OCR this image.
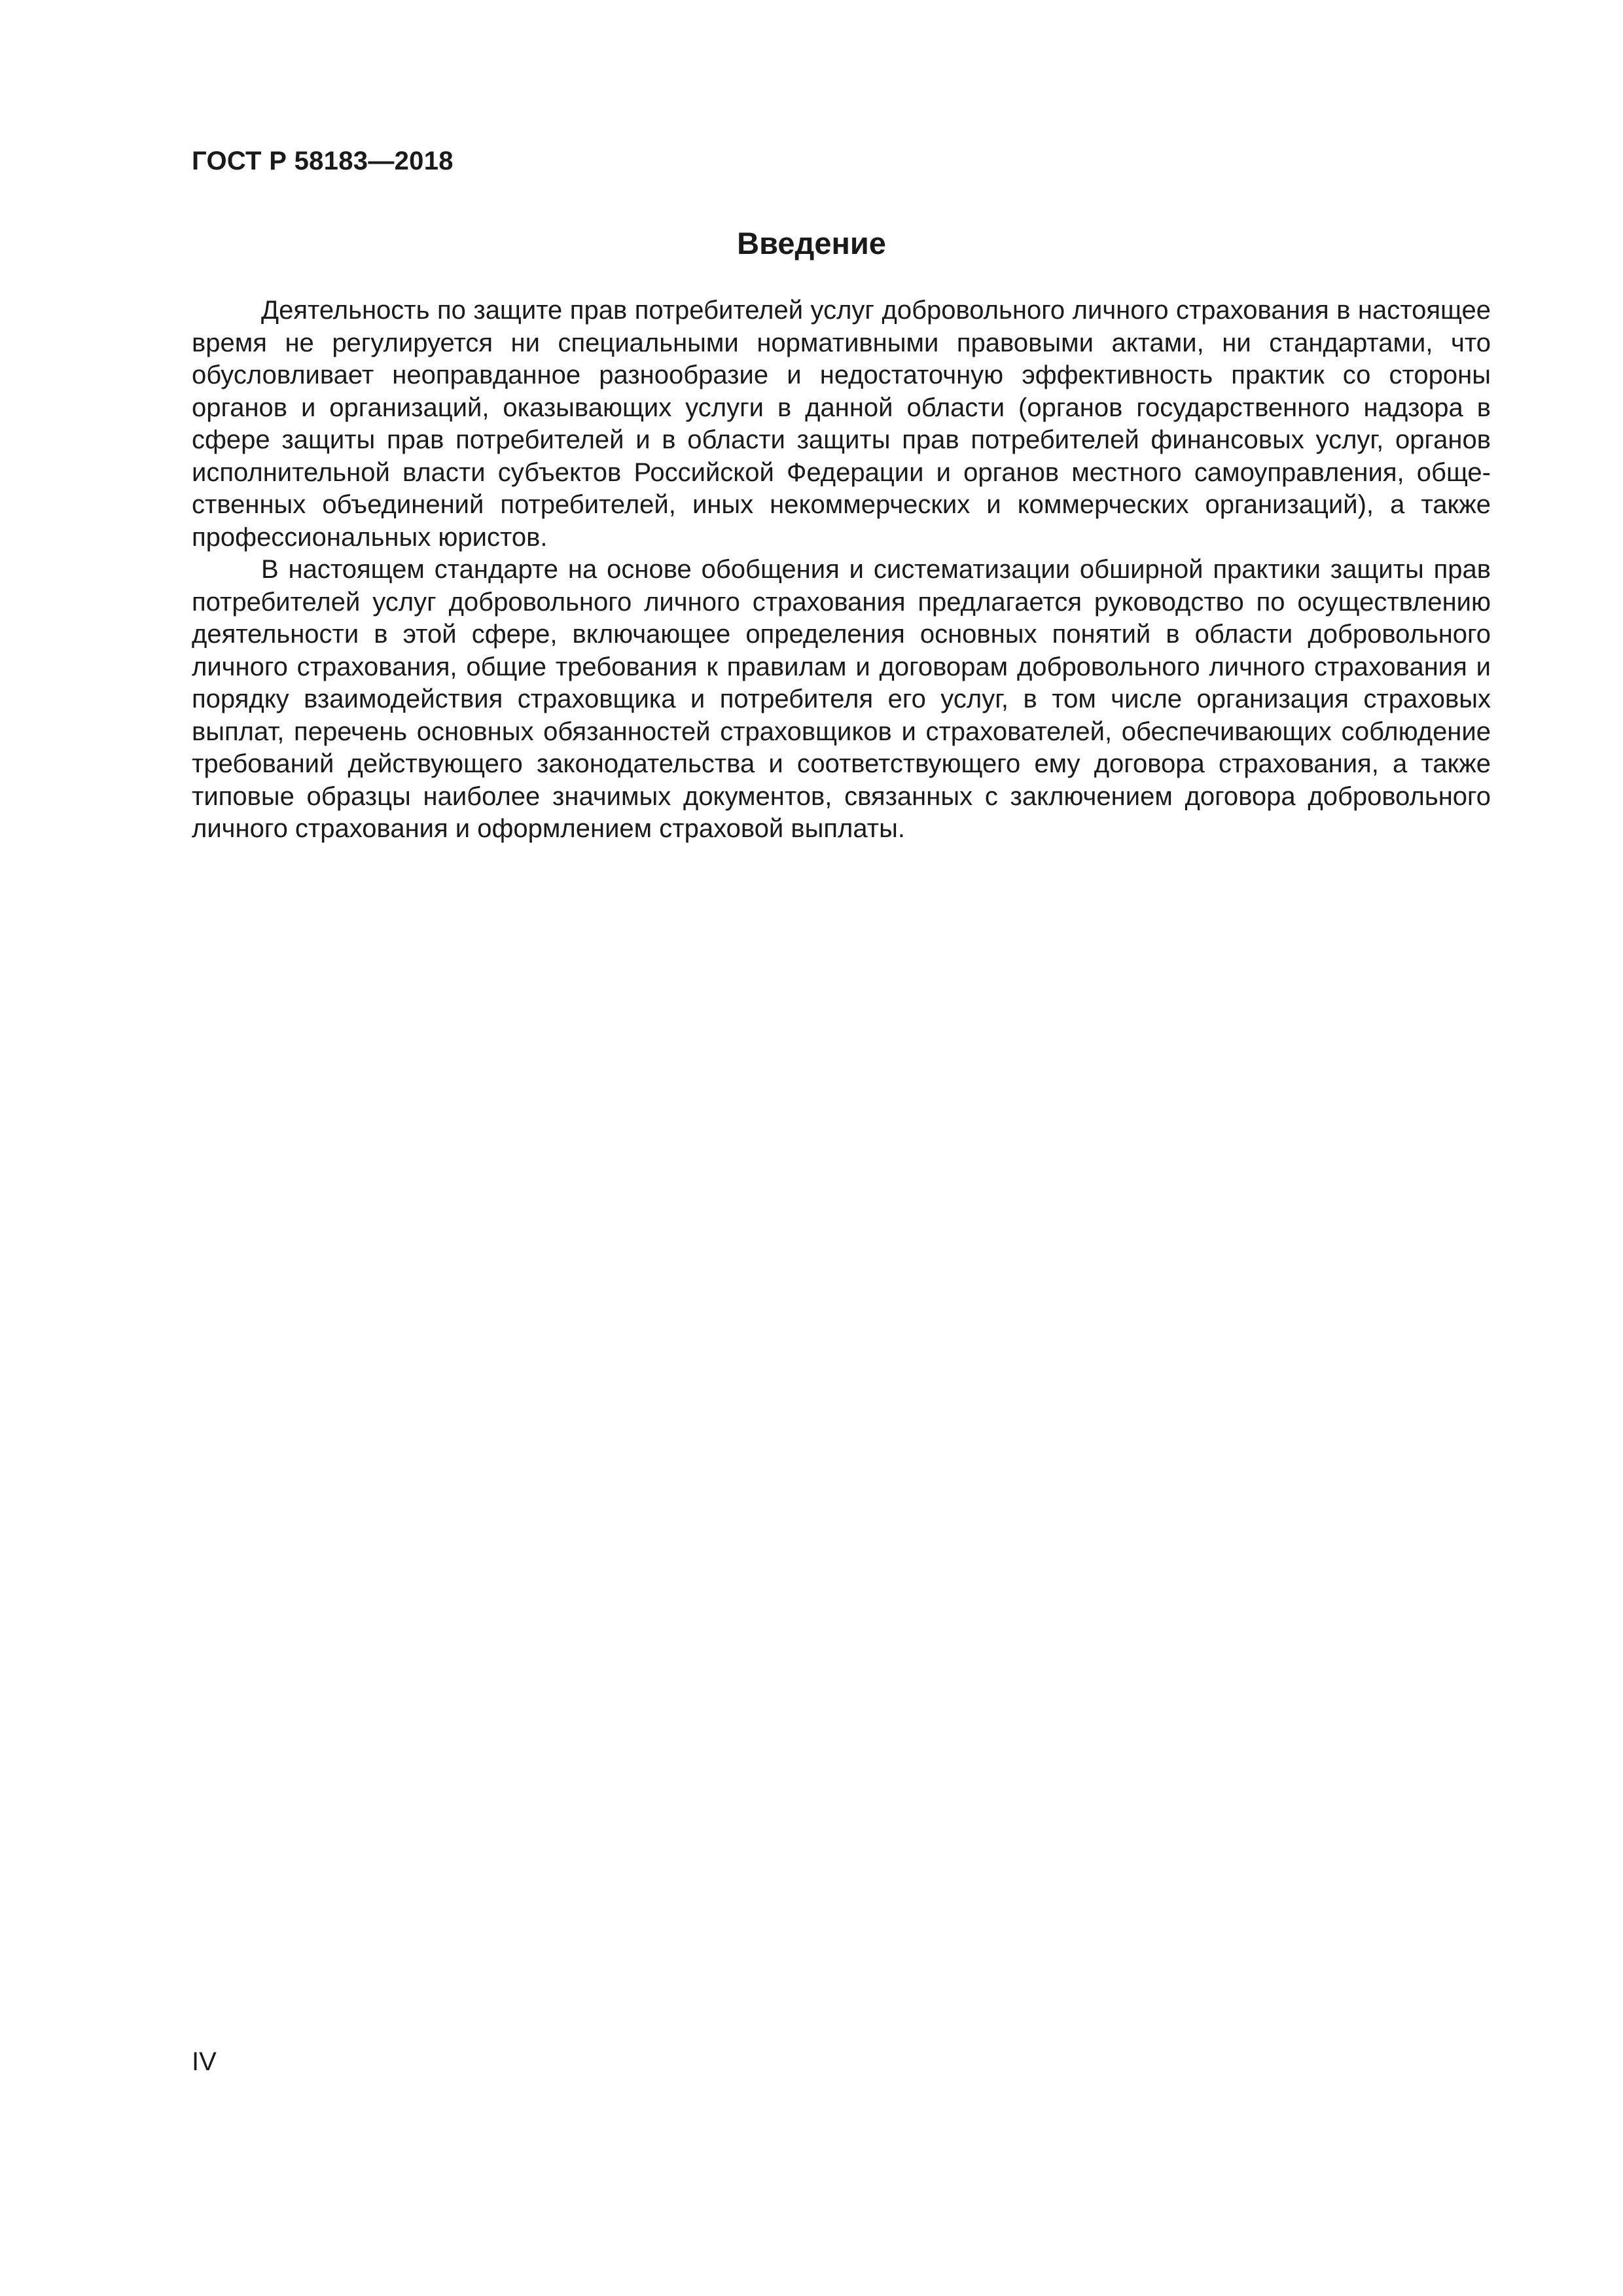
ГОСТ Р 58183—2018
Введение

Деятельность по защите прав потребителей услуг добровольного личного страхования в настоящее время не регулируется ни специальными нормативными правовыми актами, ни стандартами, что обусловливает неоправданное разнообразие и недостаточную эффективность практик со стороны органов и организаций, оказывающих услуги в данной области (органов государственного надзора в сфере защиты прав потребителей и в области защиты прав потребителей финансовых услуг, органов исполнительной власти субъектов Российской Федерации и органов местного самоуправления, общественных объединений потребителей, иных некоммерческих и коммерческих организаций), а также профессиональных юристов.

В настоящем стандарте на основе обобщения и систематизации обширной практики защиты прав потребителей услуг добровольного личного страхования предлагается руководство по осуществлению деятельности в этой сфере, включающее определения основных понятий в области добровольного личного страхования, общие требования к правилам и договорам добровольного личного страхования и порядку взаимодействия страховщика и потребителя его услуг, в том числе организация страховых выплат, перечень основных обязанностей страховщиков и страхователей, обеспечивающих соблюдение требований действующего законодательства и соответствующего ему договора страхования, а также типовые образцы наиболее значимых документов, связанных с заключением договора добровольного личного страхования и оформлением страховой выплаты.

IV
